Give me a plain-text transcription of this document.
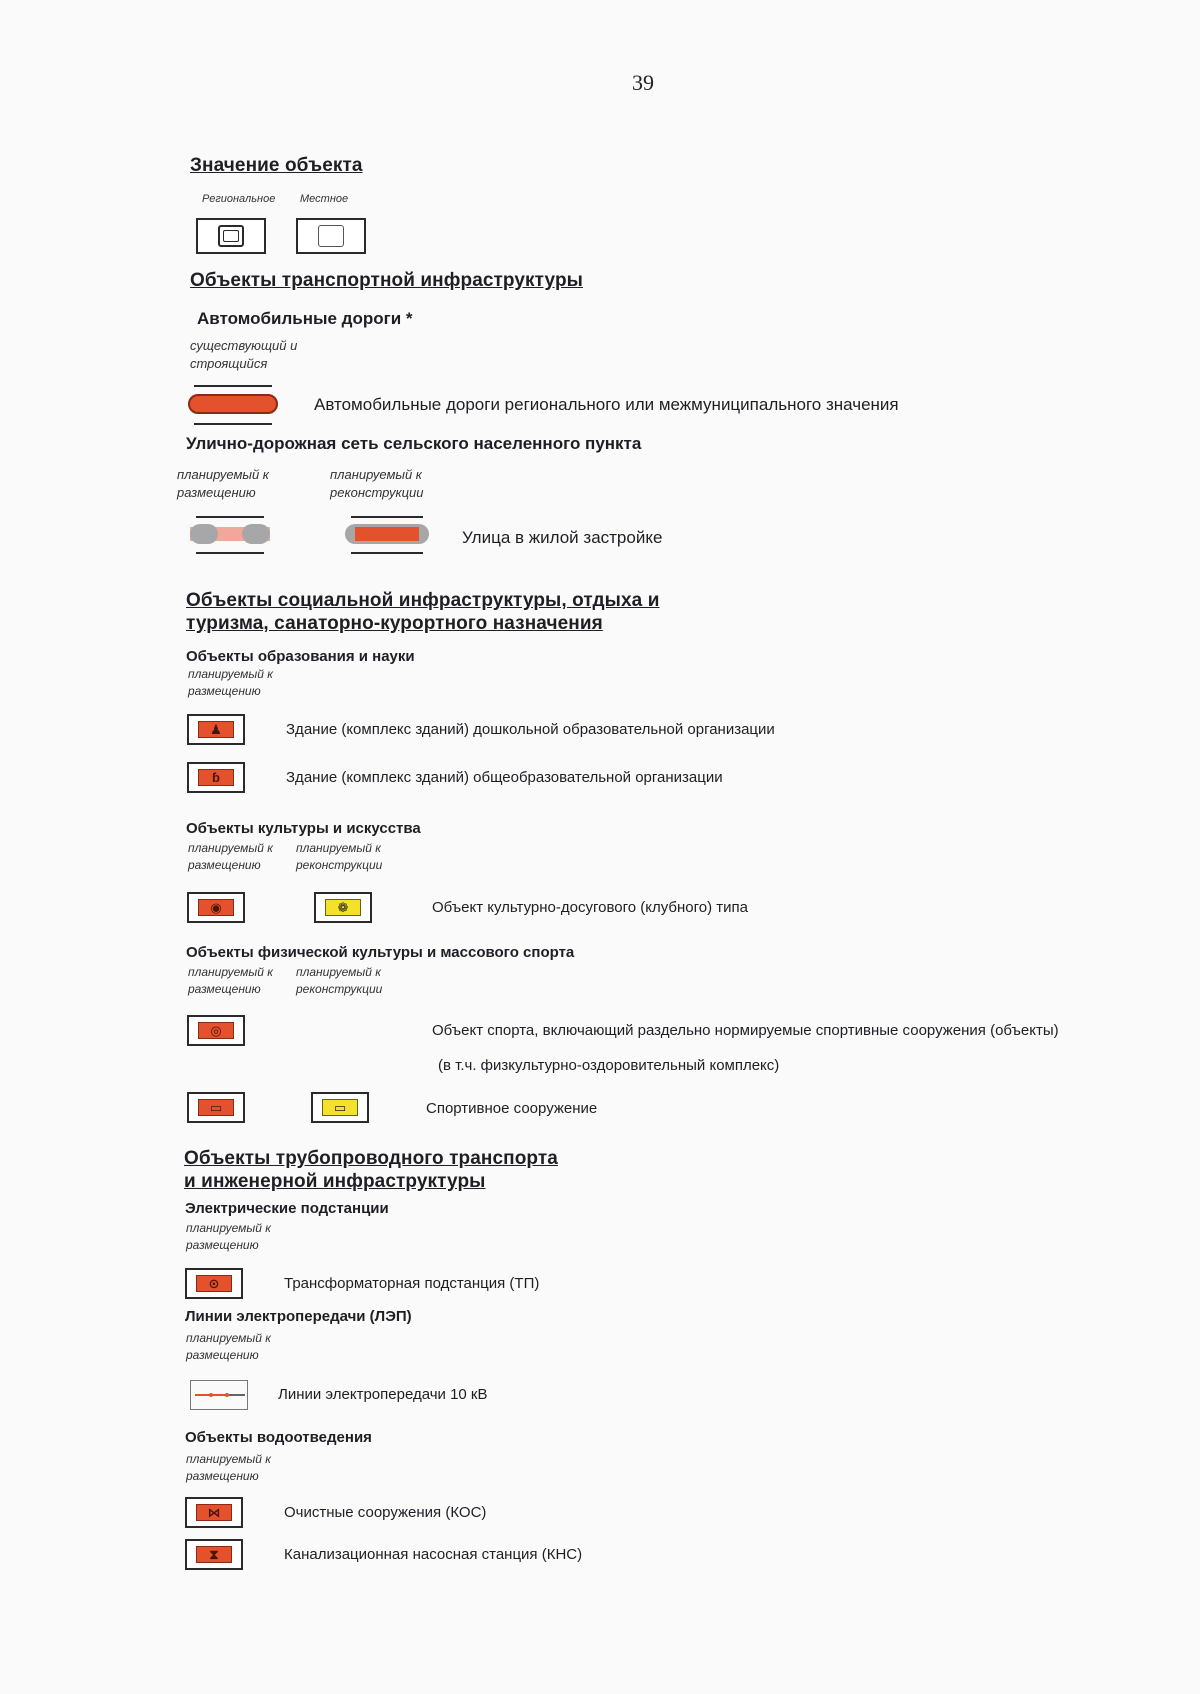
39
Значение объекта
Региональное Местное
Объекты транспортной инфраструктуры
Автомобильные дороги *
существующий и строящийся
Автомобильные дороги регионального или межмуниципального значения
Улично-дорожная сеть сельского населенного пункта
планируемый к размещению
планируемый к реконструкции
Улица в жилой застройке
Объекты социальной инфраструктуры, отдыха и
туризма, санаторно-курортного назначения
Объекты образования и науки
планируемый к размещению
♟	Здание (комплекс зданий) дошкольной образовательной организации
ɓ	Здание (комплекс зданий) общеобразовательной организации
Объекты культуры и искусства
планируемый к размещению
планируемый к реконструкции
◉	❁	Объект культурно-досугового (клубного) типа
Объекты физической культуры и массового спорта
планируемый к размещению
планируемый к реконструкции
◎	Объект спорта, включающий раздельно нормируемые спортивные сооружения (объекты)
(в т.ч. физкультурно-оздоровительный комплекс)
▭	▭	Спортивное сооружение
Объекты трубопроводного транспорта
и инженерной инфраструктуры
Электрические подстанции
планируемый к размещению
⊙	Трансформаторная подстанция (ТП)
Линии электропередачи (ЛЭП)
планируемый к размещению
Линии электропередачи 10 кВ
Объекты водоотведения
планируемый к размещению
⋈	Очистные сооружения (КОС)
⧗	Канализационная насосная станция (КНС)
